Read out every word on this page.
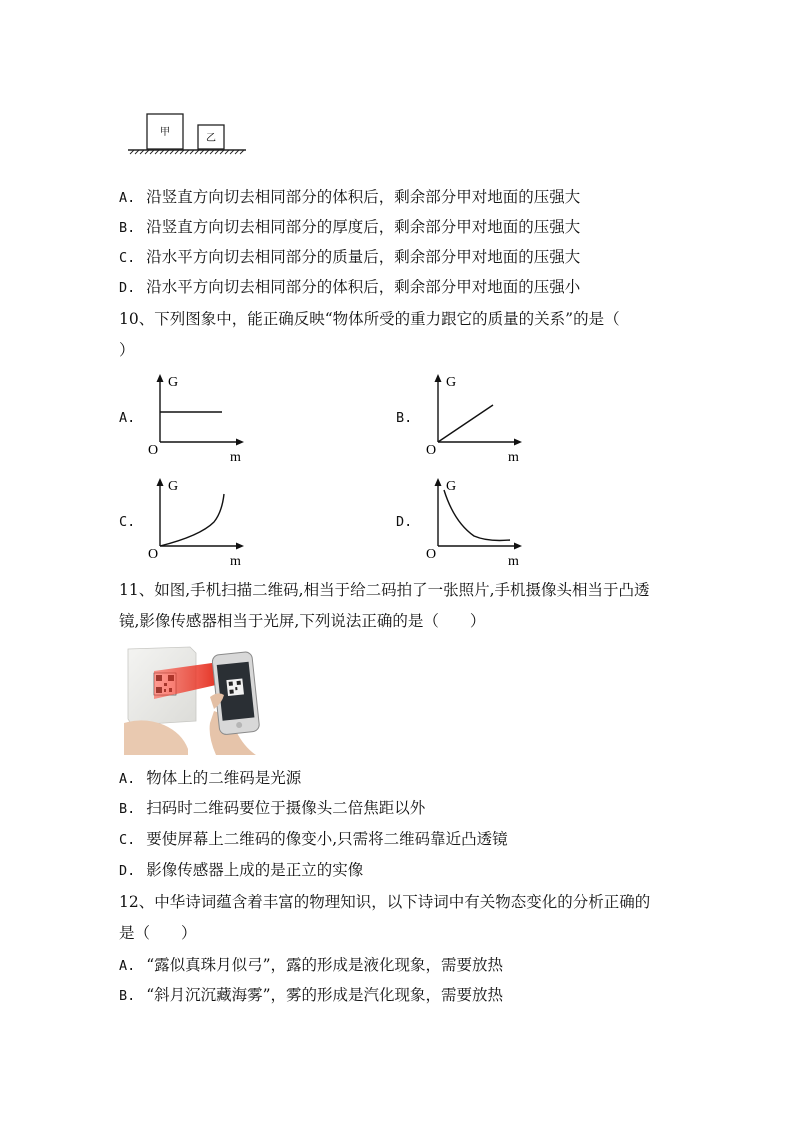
甲
乙
A. 沿竖直方向切去相同部分的体积后，剩余部分甲对地面的压强大
B. 沿竖直方向切去相同部分的厚度后，剩余部分甲对地面的压强大
C. 沿水平方向切去相同部分的质量后，剩余部分甲对地面的压强大
D. 沿水平方向切去相同部分的体积后，剩余部分甲对地面的压强小
10、下列图象中，能正确反映“物体所受的重力跟它的质量的关系”的是（
）
A.
G
O	m
B.
G
O	m
C.
G
O	m
D.
G
O	m
11、如图,手机扫描二维码,相当于给二码拍了一张照片,手机摄像头相当于凸透
镜,影像传感器相当于光屏,下列说法正确的是（　　）
A. 物体上的二维码是光源
B. 扫码时二维码要位于摄像头二倍焦距以外
C. 要使屏幕上二维码的像变小,只需将二维码靠近凸透镜
D. 影像传感器上成的是正立的实像
12、中华诗词蕴含着丰富的物理知识，以下诗词中有关物态变化的分析正确的
是（　　）
A. “露似真珠月似弓”，露的形成是液化现象，需要放热
B. “斜月沉沉藏海雾”，雾的形成是汽化现象，需要放热
